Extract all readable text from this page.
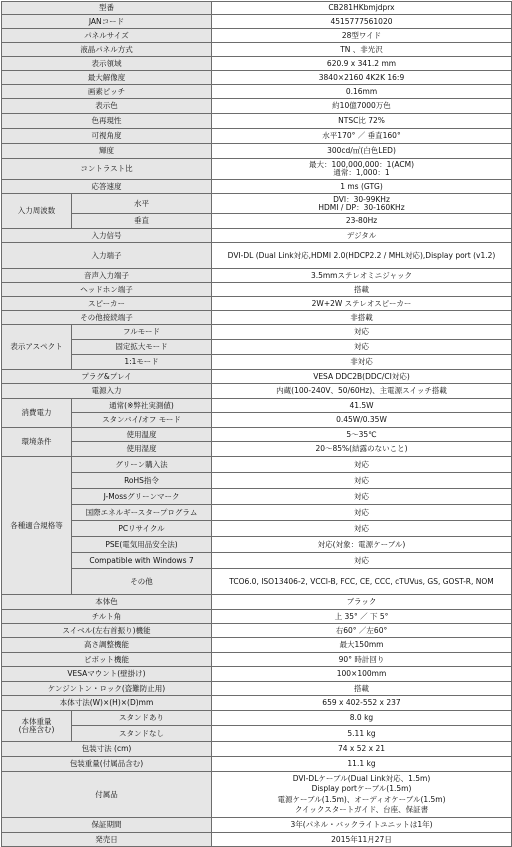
型番		CB281HKbmjdprx
JANコード		4515777561020
パネルサイズ		28型ワイド
液晶パネル方式		TN 、非光沢
表示領域		620.9 x 341.2 mm
最大解像度		3840×2160 4K2K 16:9
画素ピッチ		0.16mm
表示色		約10億7000万色
色再現性		NTSC比 72%
可視角度		水平170° ／ 垂直160°
輝度		300cd/㎡(白色LED)
コントラスト比		最大：100,000,000：1(ACM)
通常：1,000：1

応答速度		1 ms (GTG)
入力周波数	水平	DVI：30-99KHz
HDMI / DP：30-160KHz

	垂直	23-80Hz
入力信号		デジタル
入力端子		DVI-DL (Dual Link対応,HDMI 2.0(HDCP2.2 / MHL対応),Display port (v1.2)
音声入力端子		3.5mmステレオミニジャック
ヘッドホン端子		搭載
スピーカー		2W+2W ステレオスピーカー
その他接続端子		非搭載
表示アスペクト	フルモード	対応
	固定拡大モード	対応
	1:1モード	非対応
プラグ&プレイ		VESA DDC2B(DDC/CI対応)
電源入力		内蔵(100-240V、50/60Hz)、主電源スイッチ搭載
消費電力	通常(※弊社実測値)	41.5W
	スタンバイ/オフ モード	0.45W/0.35W
環境条件	使用温度	5～35℃
	使用湿度	20～85%(結露のないこと)
各種適合規格等	グリーン購入法	対応
	RoHS指令	対応
	J-Mossグリーンマーク	対応
	国際エネルギースタープログラム	対応
	PCリサイクル	対応
	PSE(電気用品安全法)	対応(対象：電源ケーブル)
	Compatible with Windows 7	対応
	その他	TCO6.0, ISO13406-2, VCCI-B, FCC, CE, CCC, cTUVus, GS, GOST-R, NOM
本体色		ブラック
チルト角		上 35° ／ 下 5°
スイベル(左右首振り)機能		右60° ／左60°
高さ調整機能		最大150mm
ピボット機能		90° 時計回り
VESAマウント(壁掛け)		100×100mm
ケンジントン・ロック(盗難防止用)		搭載
本体寸法(W)×(H)×(D)mm		659 x 402-552 x 237

本体重量
(台座含む)	スタンドあり	8.0 kg
	スタンドなし	5.11 kg
包装寸法 (cm)		74 x 52 x 21
包装重量(付属品含む)		11.1 kg
付属品		DVI-DLケーブル(Dual Link対応、1.5m)
Display portケーブル(1.5m)
電源ケーブル(1.5m)、オーディオケーブル(1.5m)
クイックスタートガイド、台座、保証書

保証期間		3年(パネル・バックライトユニットは1年)
発売日		2015年11月27日
